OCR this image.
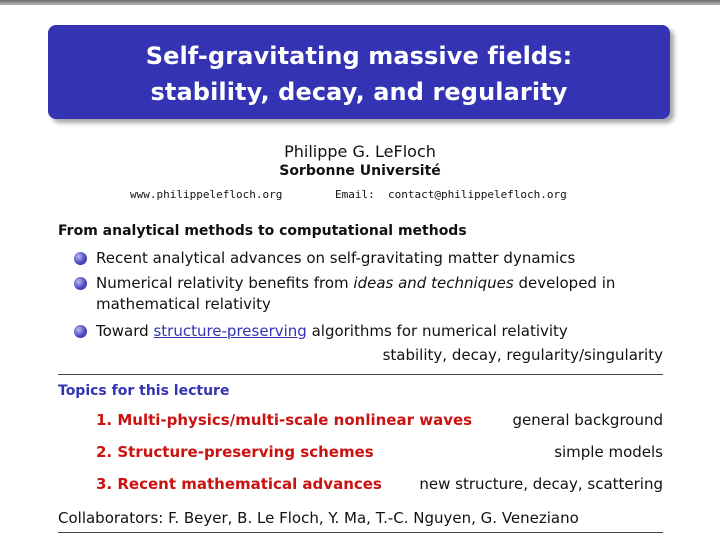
Self-gravitating massive fields:
stability, decay, and regularity
Philippe G. LeFloch
Sorbonne Université
www.philippelefloch.org	Email:  contact@philippelefloch.org
From analytical methods to computational methods
Recent analytical advances on self-gravitating matter dynamics
Numerical relativity benefits from ideas and techniques developed in mathematical relativity
Toward structure-preserving algorithms for numerical relativity
stability, decay, regularity/singularity
Topics for this lecture
1. Multi-physics/multi-scale nonlinear waves	general background
2. Structure-preserving schemes	simple models
3. Recent mathematical advances	new structure, decay, scattering
Collaborators: F. Beyer, B. Le Floch, Y. Ma, T.-C. Nguyen, G. Veneziano
